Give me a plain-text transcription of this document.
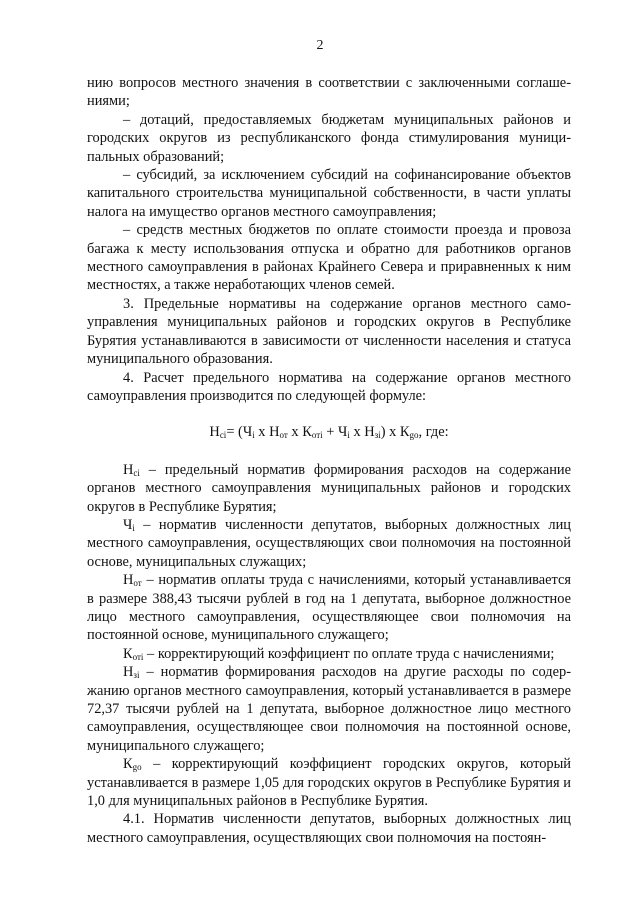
2

нию вопросов местного значения в соответствии с заключенными соглашениями;

– дотаций, предоставляемых бюджетам муниципальных районов и городских округов из республиканского фонда стимулирования муниципальных образований;

– субсидий, за исключением субсидий на софинансирование объектов капитального строительства муниципальной собственности, в части уплаты налога на имущество органов местного самоуправления;

– средств местных бюджетов по оплате стоимости проезда и провоза багажа к месту использования отпуска и обратно для работников органов местного самоуправления в районах Крайнего Севера и приравненных к ним местностях, а также неработающих членов семей.

3. Предельные нормативы на содержание органов местного самоуправления муниципальных районов и городских округов в Республике Бурятия устанавливаются в зависимости от численности населения и статуса муниципального образования.

4. Расчет предельного норматива на содержание органов местного самоуправления производится по следующей формуле:

$Н_{ci}= (Ч_i$ х $Н_{от}$ х $К_{отi} + Ч_i$ х $Н_{зi}$) х $К_{go}$, где:

$Н_{ci}$ – предельный норматив формирования расходов на содержание органов местного самоуправления муниципальных районов и городских округов в Республике Бурятия;

$Ч_i$ – норматив численности депутатов, выборных должностных лиц местного самоуправления, осуществляющих свои полномочия на постоянной основе, муниципальных служащих;

$Н_{от}$ – норматив оплаты труда с начислениями, который устанавливается в размере 388,43 тысячи рублей в год на 1 депутата, выборное должностное лицо местного самоуправления, осуществляющее свои полномочия на постоянной основе, муниципального служащего;

$К_{отi}$ – корректирующий коэффициент по оплате труда с начислениями;

$Н_{зi}$ – норматив формирования расходов на другие расходы по содержанию органов местного самоуправления, который устанавливается в размере 72,37 тысячи рублей на 1 депутата, выборное должностное лицо местного самоуправления, осуществляющее свои полномочия на постоянной основе, муниципального служащего;

$К_{go}$ – корректирующий коэффициент городских округов, который устанавливается в размере 1,05 для городских округов в Республике Бурятия и 1,0 для муниципальных районов в Республике Бурятия.

4.1. Норматив численности депутатов, выборных должностных лиц местного самоуправления, осуществляющих свои полномочия на постоян-
